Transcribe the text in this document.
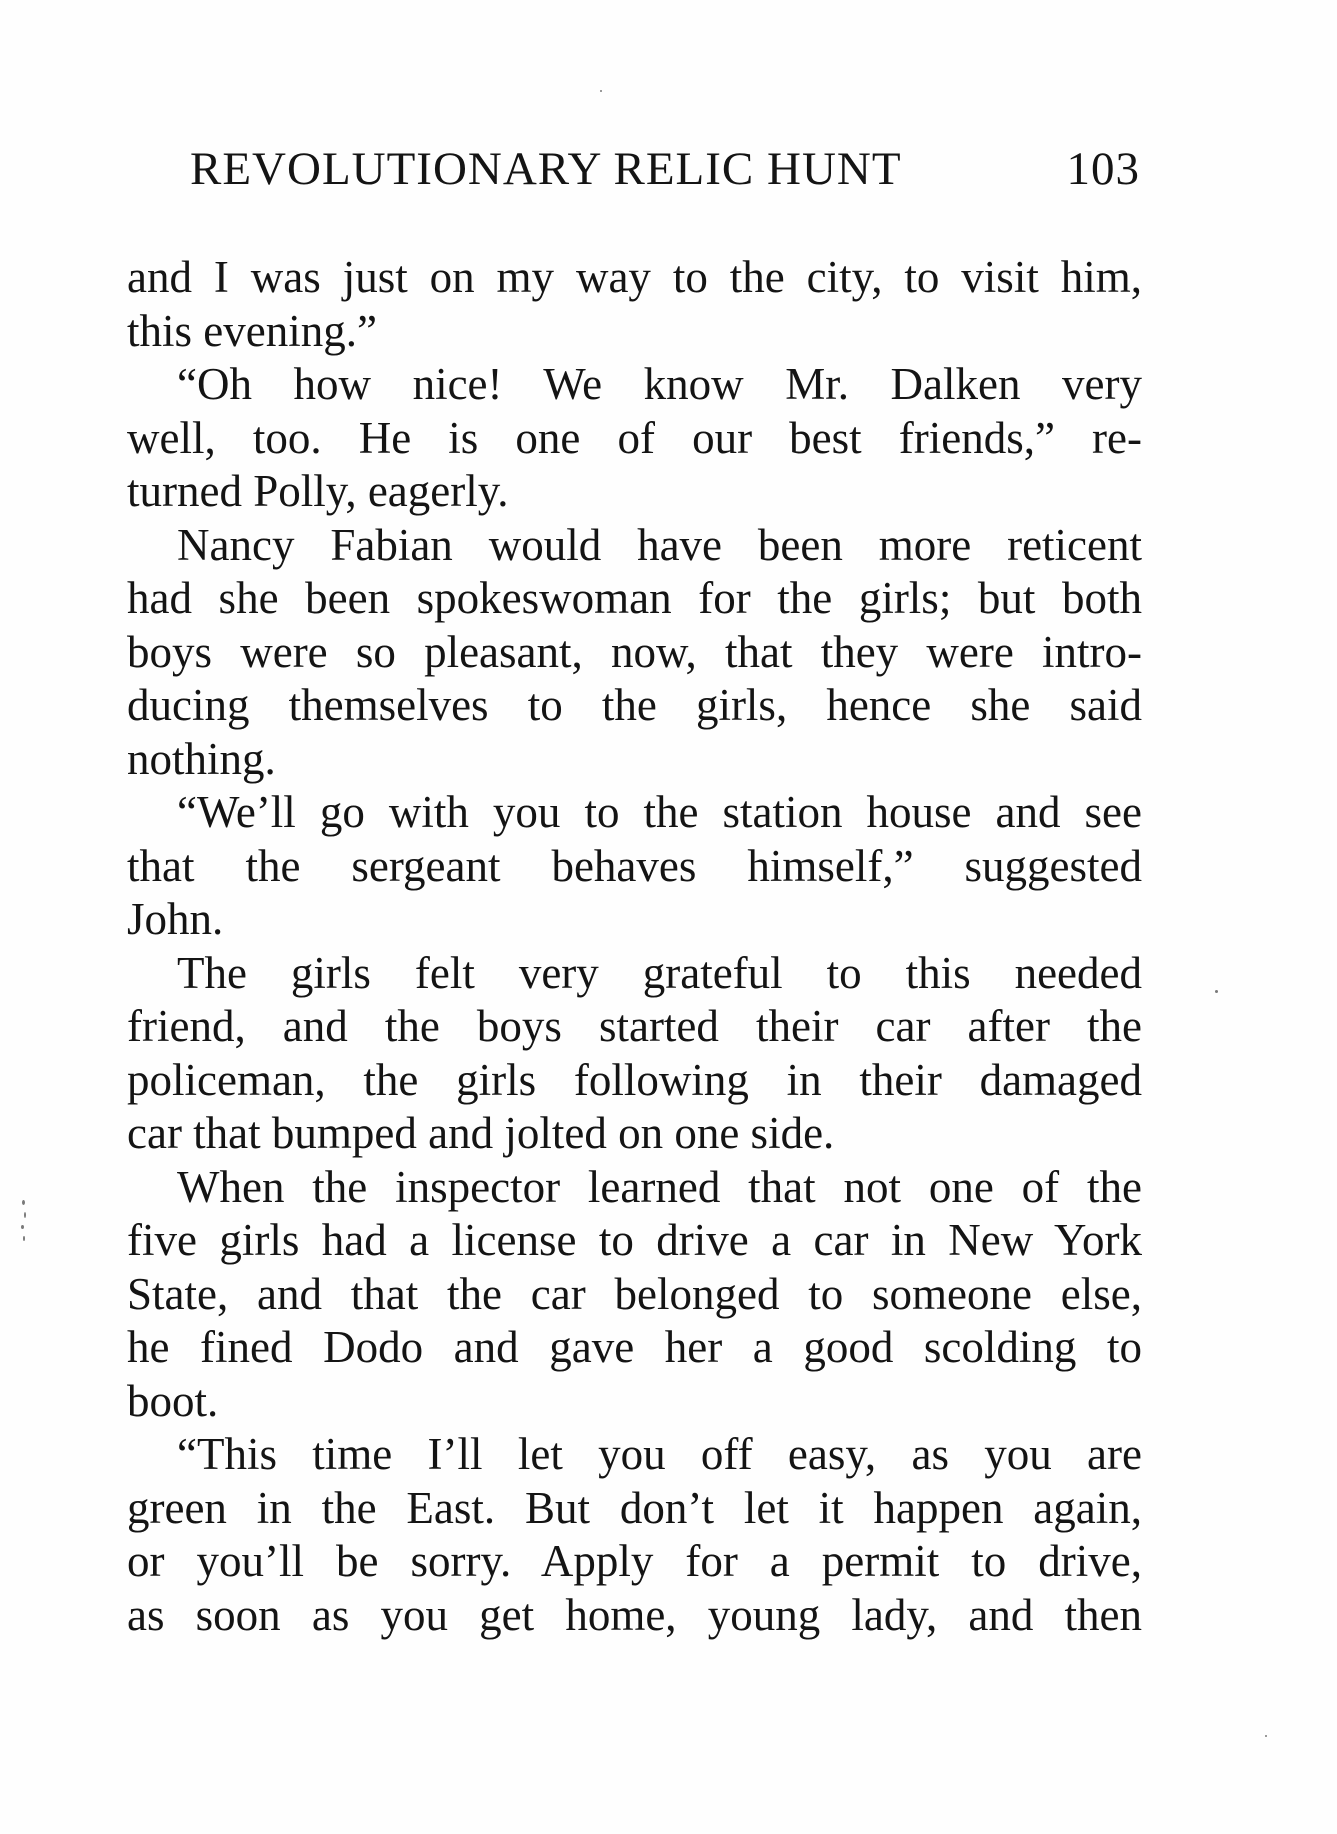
REVOLUTIONARY RELIC HUNT	103
and I was just on my way to the city, to visit him,
this evening.”
“Oh how nice! We know Mr. Dalken very
well, too. He is one of our best friends,” re-
turned Polly, eagerly.
Nancy Fabian would have been more reticent
had she been spokeswoman for the girls; but both
boys were so pleasant, now, that they were intro-
ducing themselves to the girls, hence she said
nothing.
“We’ll go with you to the station house and see
that the sergeant behaves himself,” suggested
John.
The girls felt very grateful to this needed
friend, and the boys started their car after the
policeman, the girls following in their damaged
car that bumped and jolted on one side.
When the inspector learned that not one of the
five girls had a license to drive a car in New York
State, and that the car belonged to someone else,
he fined Dodo and gave her a good scolding to
boot.
“This time I’ll let you off easy, as you are
green in the East. But don’t let it happen again,
or you’ll be sorry. Apply for a permit to drive,
as soon as you get home, young lady, and then
